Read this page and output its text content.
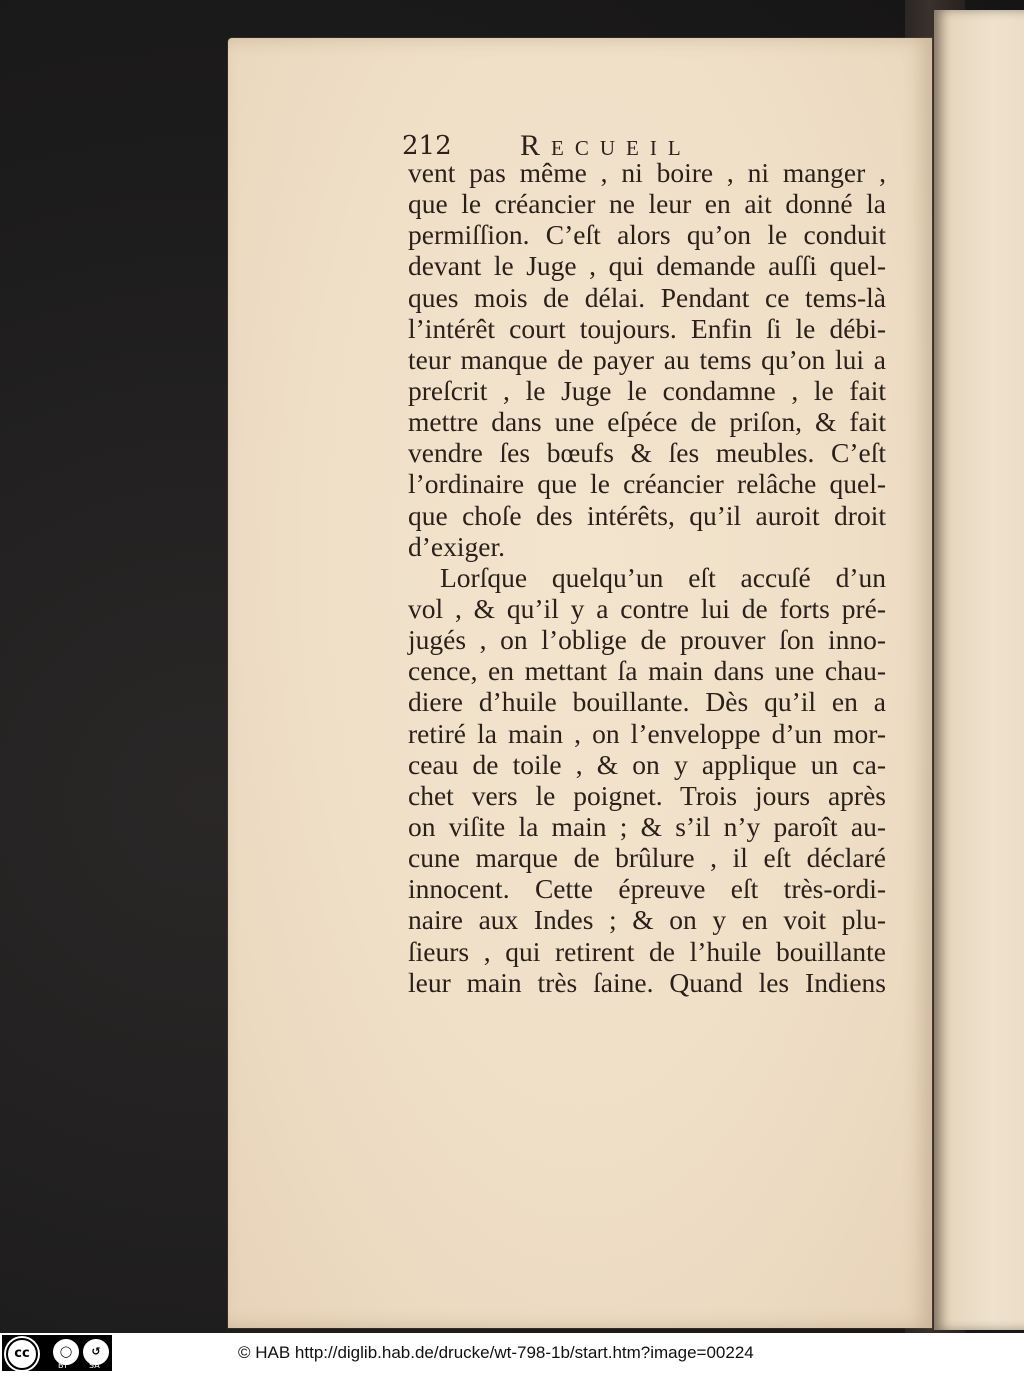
212 Recueil
vent pas même , ni boire , ni manger ,
que le créancier ne leur en ait donné la
permiſſion. C’eſt alors qu’on le conduit
devant le Juge , qui demande auſſi quel-
ques mois de délai. Pendant ce tems-là
l’intérêt court toujours. Enfin ſi le débi-
teur manque de payer au tems qu’on lui a
preſcrit , le Juge le condamne , le fait
mettre dans une eſpéce de priſon, & fait
vendre ſes bœufs & ſes meubles. C’eſt
l’ordinaire que le créancier relâche quel-
que choſe des intérêts, qu’il auroit droit
d’exiger.
Lorſque quelqu’un eſt accuſé d’un
vol , & qu’il y a contre lui de forts pré-
jugés , on l’oblige de prouver ſon inno-
cence, en mettant ſa main dans une chau-
diere d’huile bouillante. Dès qu’il en a
retiré la main , on l’enveloppe d’un mor-
ceau de toile , & on y applique un ca-
chet vers le poignet. Trois jours après
on viſite la main ; & s’il n’y paroît au-
cune marque de brûlure , il eſt déclaré
innocent. Cette épreuve eſt très-ordi-
naire aux Indes ; & on y en voit plu-
ſieurs , qui retirent de l’huile bouillante
leur main très ſaine. Quand les Indiens
cc	◯	↺
BY	SA
© HAB http://diglib.hab.de/drucke/wt-798-1b/start.htm?image=00224
